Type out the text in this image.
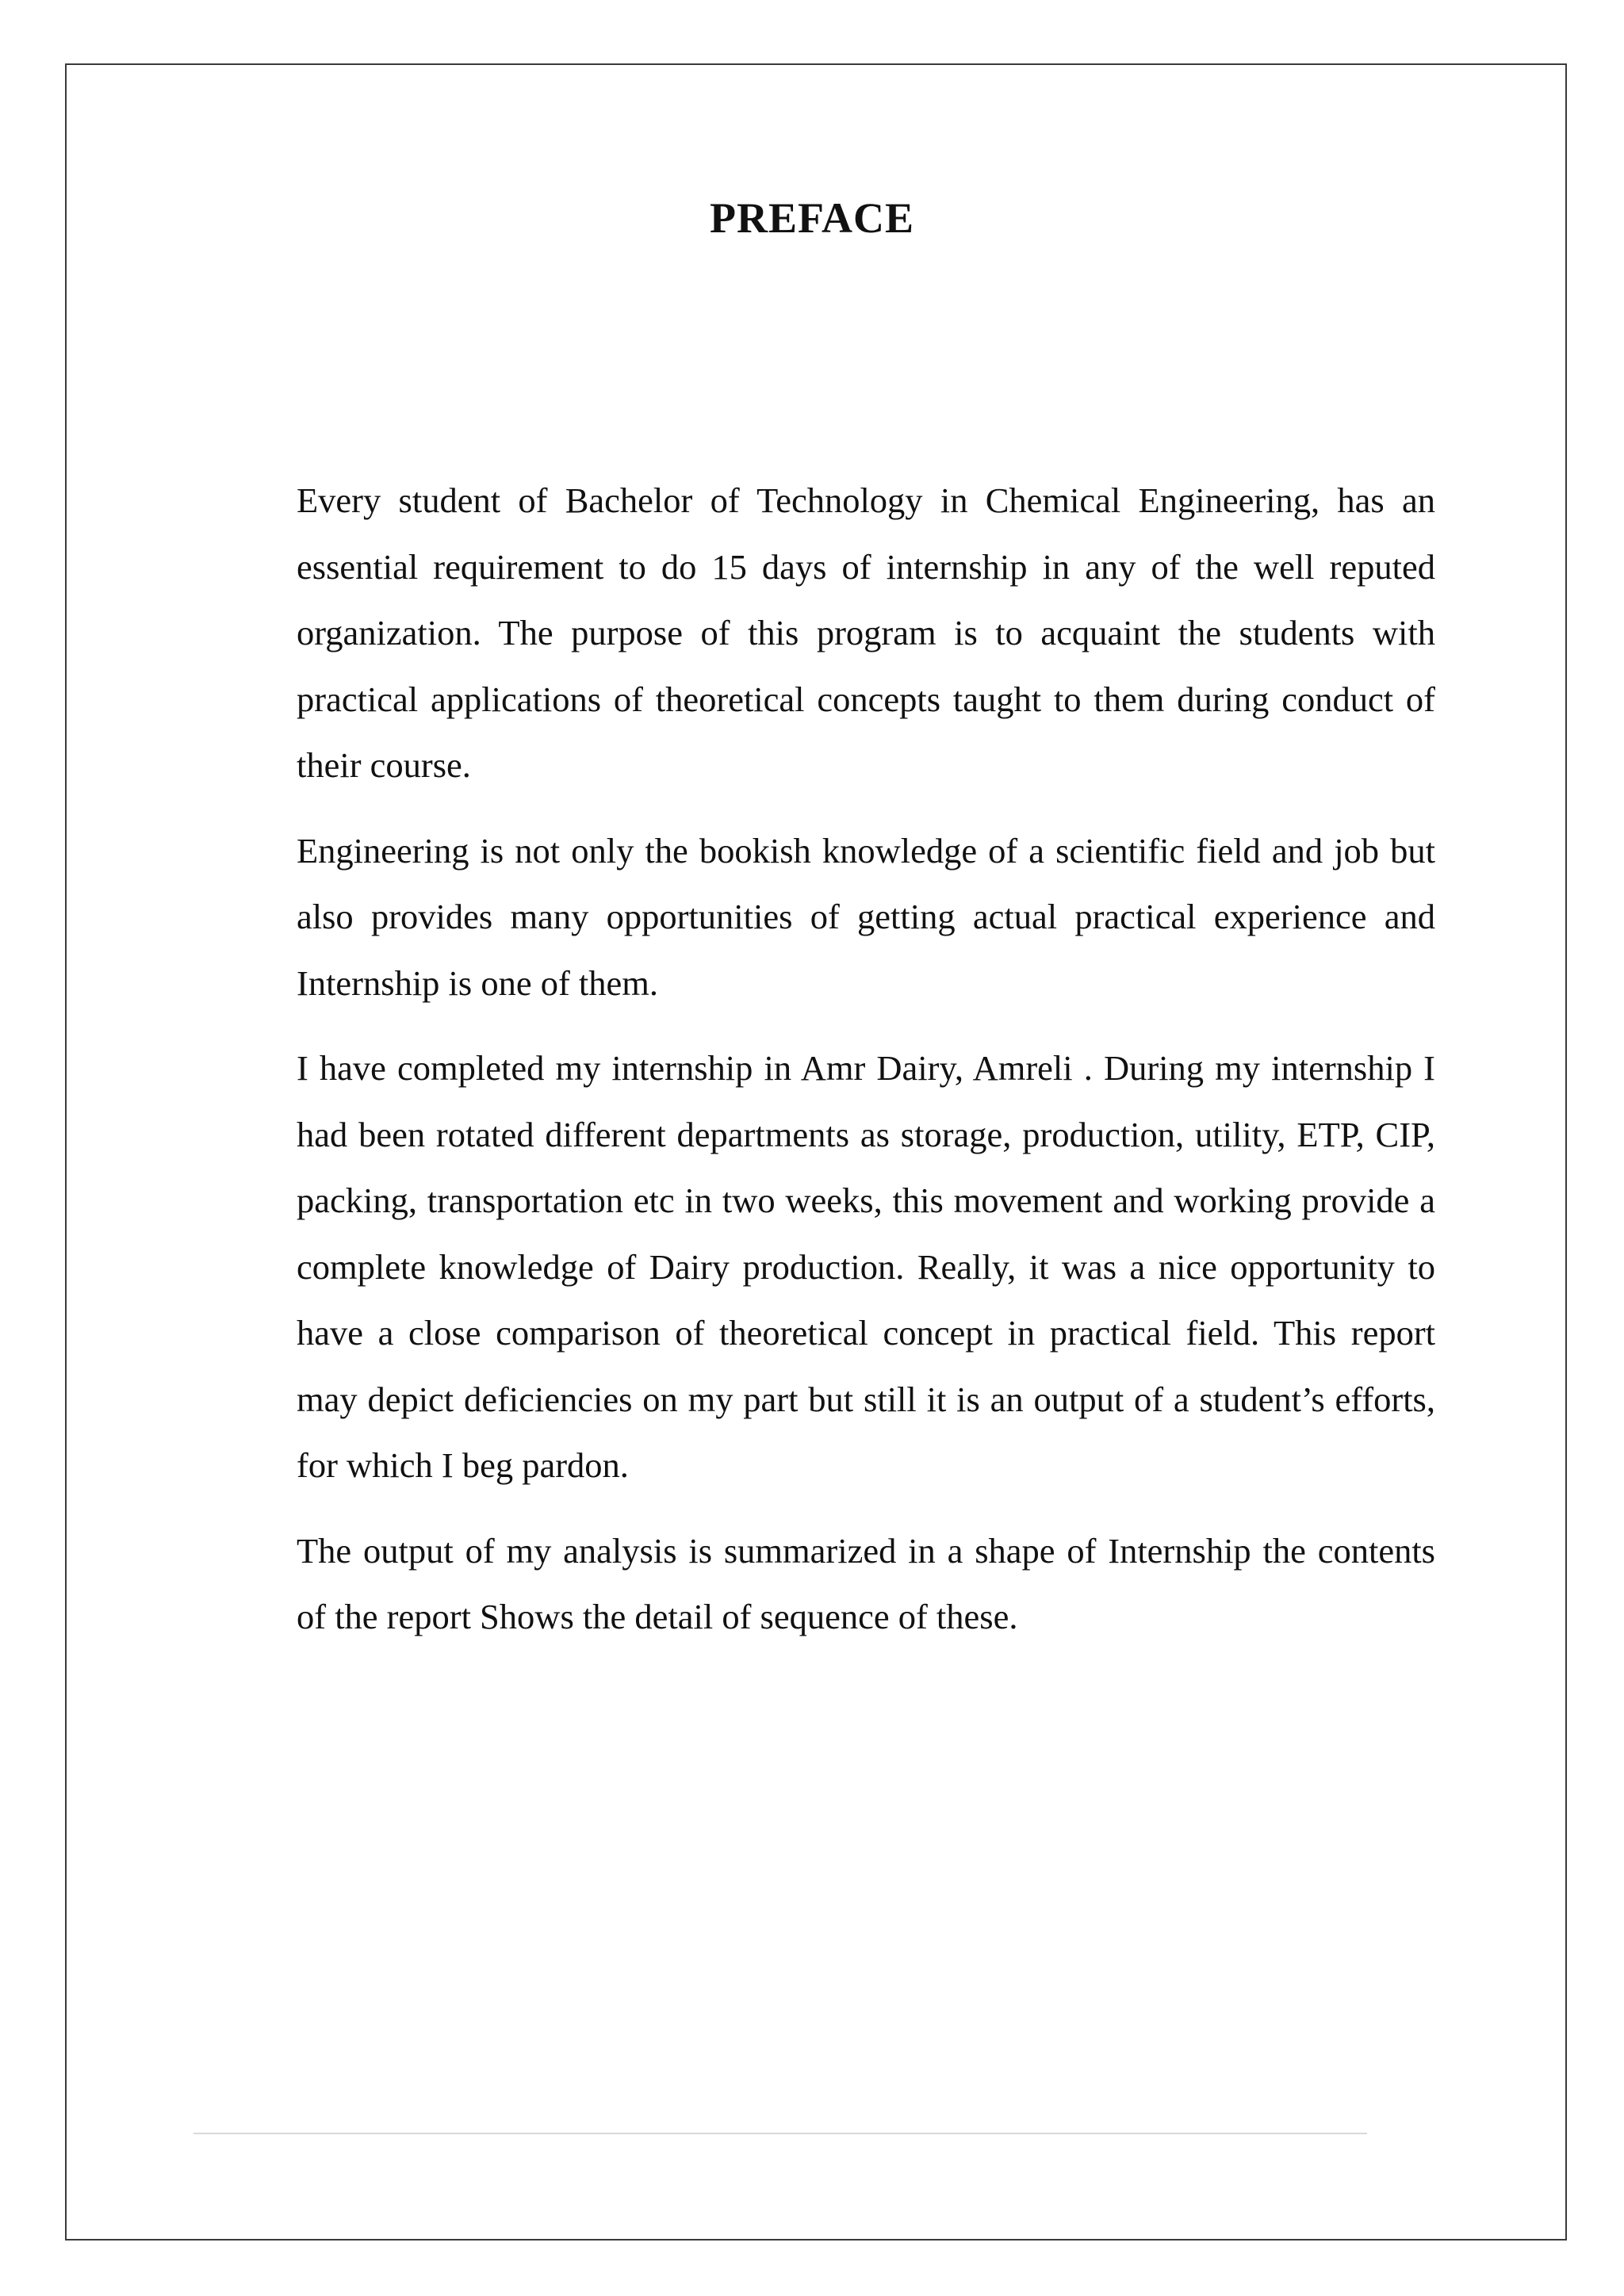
PREFACE

Every student of Bachelor of Technology in Chemical Engineering, has an essential requirement to do 15 days of internship in any of the well reputed organization. The purpose of this program is to acquaint the students with practical applications of theoretical concepts taught to them during conduct of their course.

Engineering is not only the bookish knowledge of a scientific field and job but also provides many opportunities of getting actual practical experience and Internship is one of them.

I have completed my internship in Amr Dairy, Amreli . During my internship I had been rotated different departments as storage, production, utility, ETP, CIP, packing, transportation etc in two weeks, this movement and working provide a complete knowledge of Dairy production. Really, it was a nice opportunity to have a close comparison of theoretical concept in practical field. This report may depict deficiencies on my part but still it is an output of a student’s efforts, for which I beg pardon.

The output of my analysis is summarized in a shape of Internship the contents of the report Shows the detail of sequence of these.
